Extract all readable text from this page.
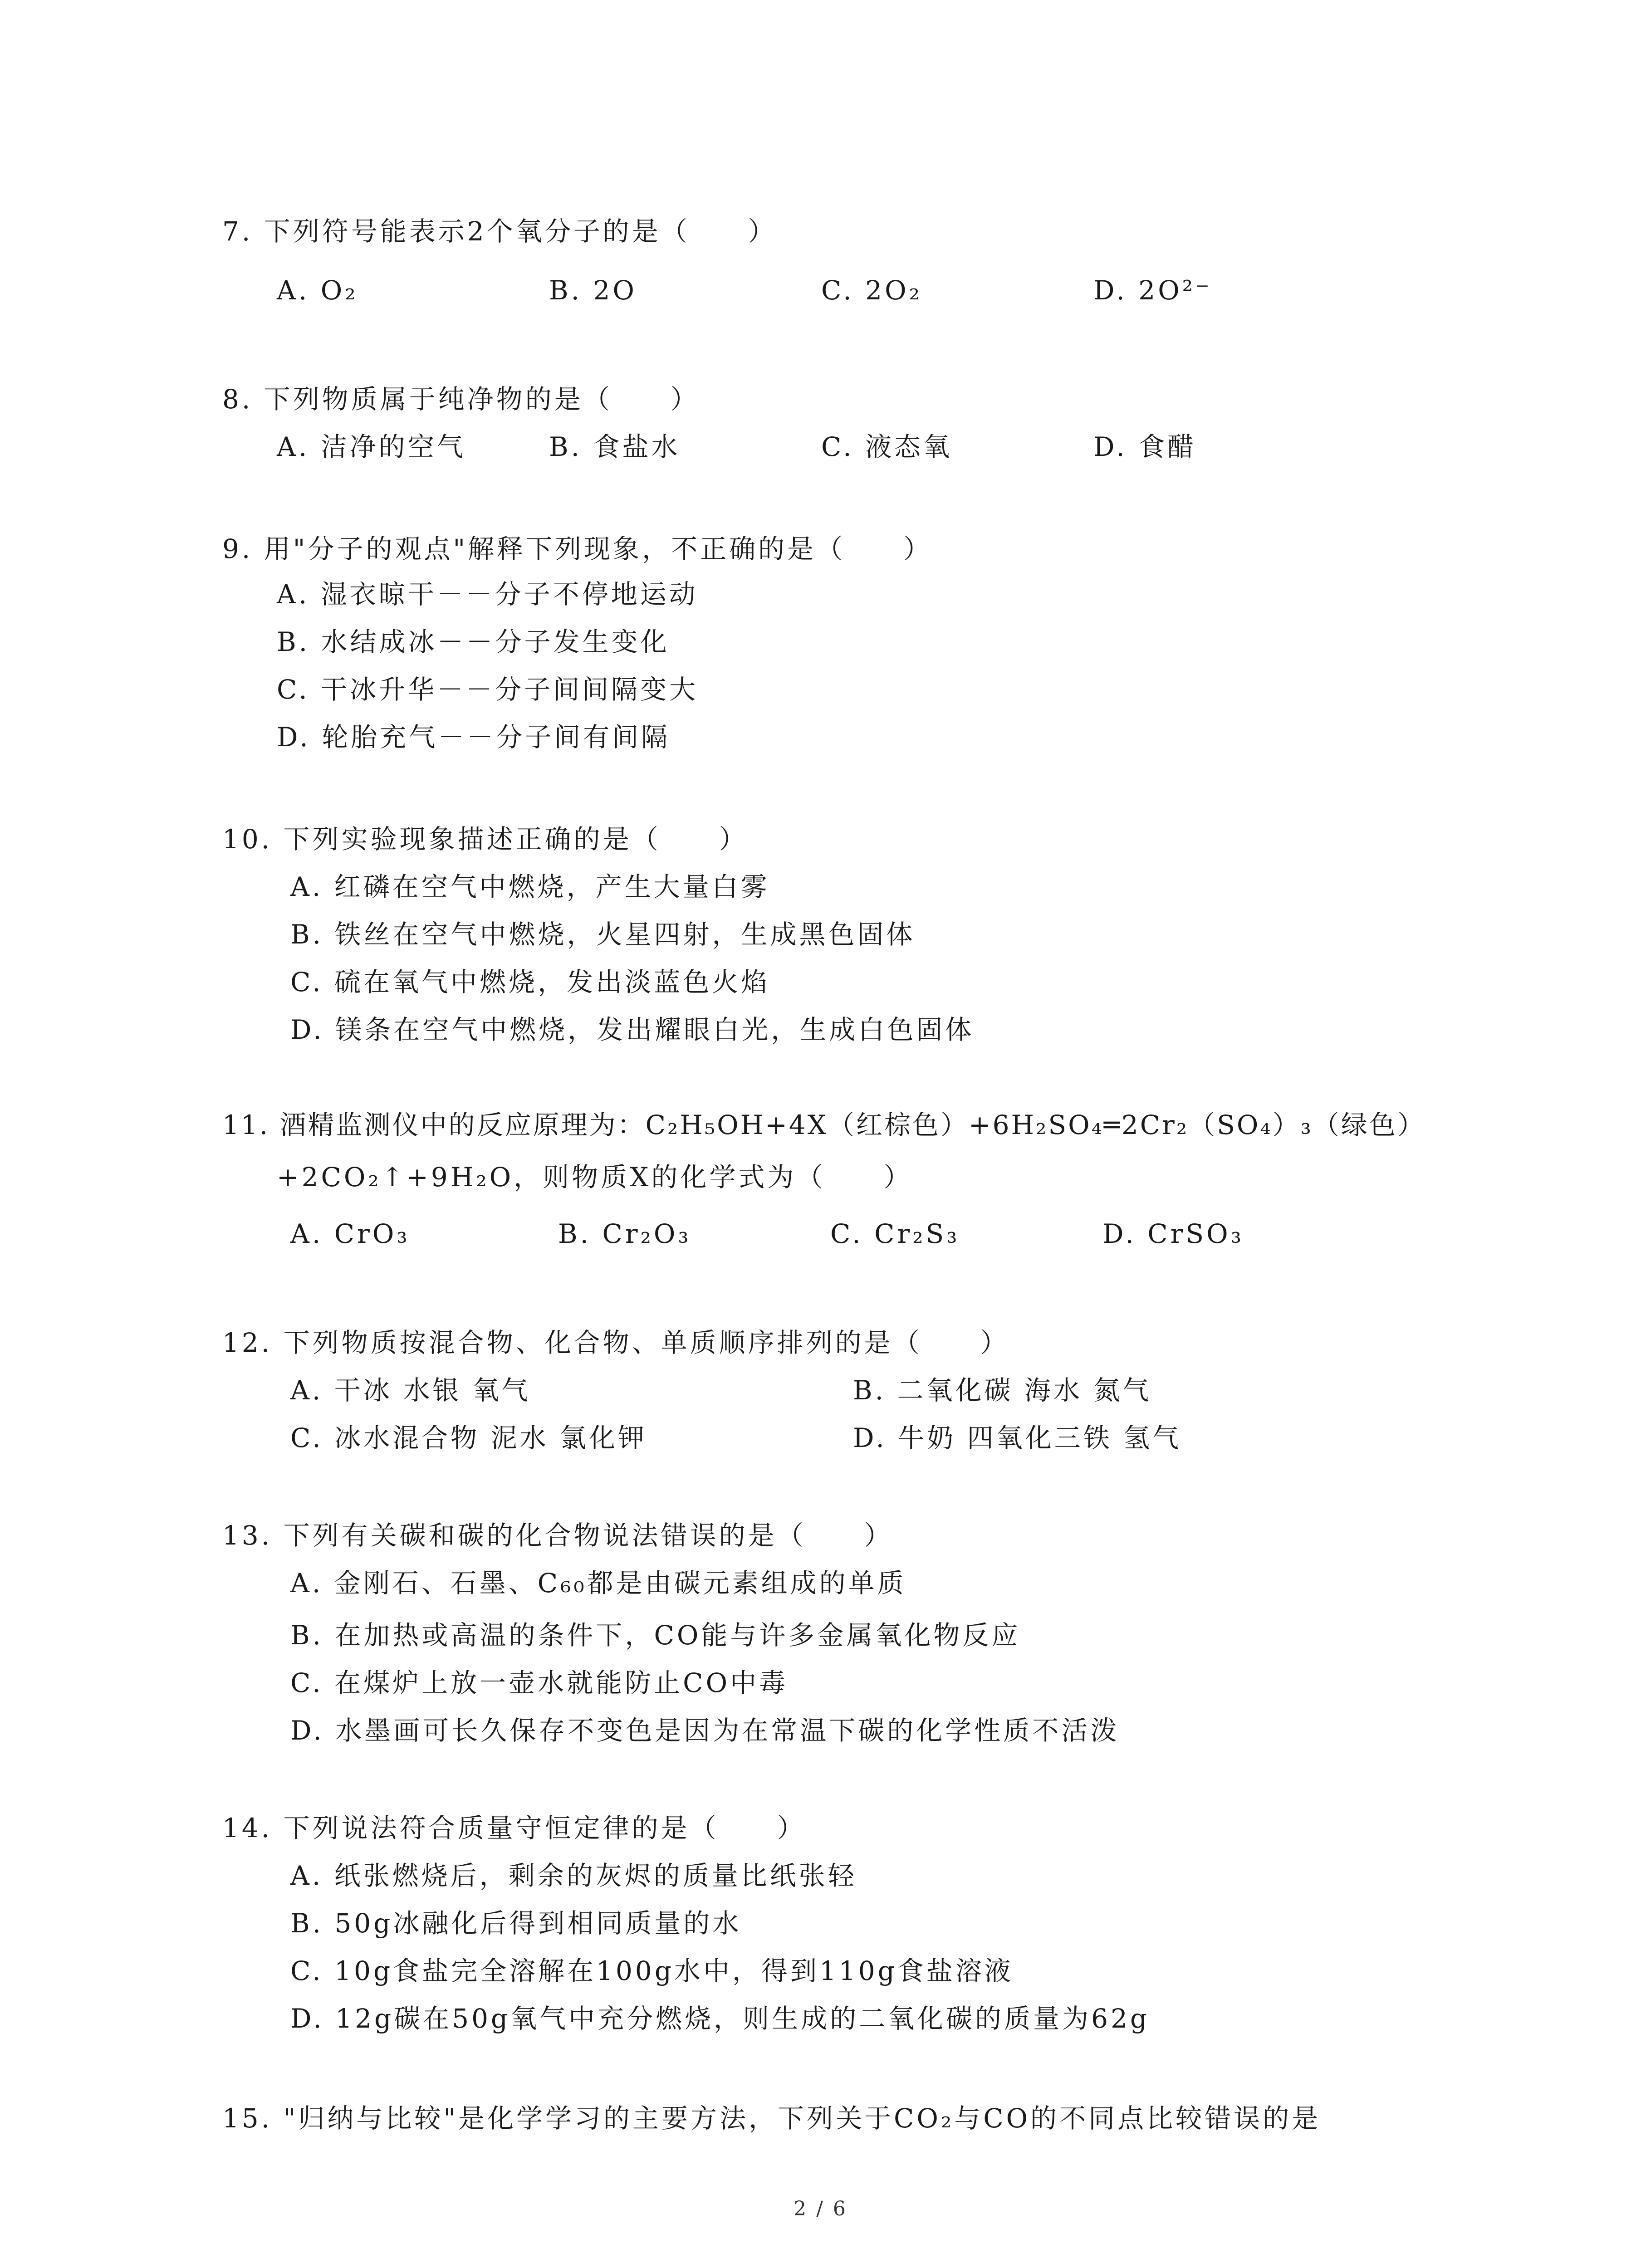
7. 下列符号能表示2个氧分子的是（　　）
A. O₂	B. 2O	C. 2O₂	D. 2O²⁻
8. 下列物质属于纯净物的是（　　）
A. 洁净的空气	B. 食盐水	C. 液态氧	D. 食醋
9. 用"分子的观点"解释下列现象，不正确的是（　　）
A. 湿衣晾干－－分子不停地运动
B. 水结成冰－－分子发生变化
C. 干冰升华－－分子间间隔变大
D. 轮胎充气－－分子间有间隔
10. 下列实验现象描述正确的是（　　）
A. 红磷在空气中燃烧，产生大量白雾
B. 铁丝在空气中燃烧，火星四射，生成黑色固体
C. 硫在氧气中燃烧，发出淡蓝色火焰
D. 镁条在空气中燃烧，发出耀眼白光，生成白色固体
11. 酒精监测仪中的反应原理为：C₂H₅OH+4X（红棕色）+6H₂SO₄═2Cr₂（SO₄）₃（绿色）
+2CO₂↑+9H₂O，则物质X的化学式为（　　）
A. CrO₃	B. Cr₂O₃	C. Cr₂S₃	D. CrSO₃
12. 下列物质按混合物、化合物、单质顺序排列的是（　　）
A. 干冰 水银 氧气	B. 二氧化碳 海水 氮气
C. 冰水混合物 泥水 氯化钾	D. 牛奶 四氧化三铁 氢气
13. 下列有关碳和碳的化合物说法错误的是（　　）
A. 金刚石、石墨、C₆₀都是由碳元素组成的单质
B. 在加热或高温的条件下，CO能与许多金属氧化物反应
C. 在煤炉上放一壶水就能防止CO中毒
D. 水墨画可长久保存不变色是因为在常温下碳的化学性质不活泼
14. 下列说法符合质量守恒定律的是（　　）
A. 纸张燃烧后，剩余的灰烬的质量比纸张轻
B. 50g冰融化后得到相同质量的水
C. 10g食盐完全溶解在100g水中，得到110g食盐溶液
D. 12g碳在50g氧气中充分燃烧，则生成的二氧化碳的质量为62g
15. "归纳与比较"是化学学习的主要方法，下列关于CO₂与CO的不同点比较错误的是
2 / 6
